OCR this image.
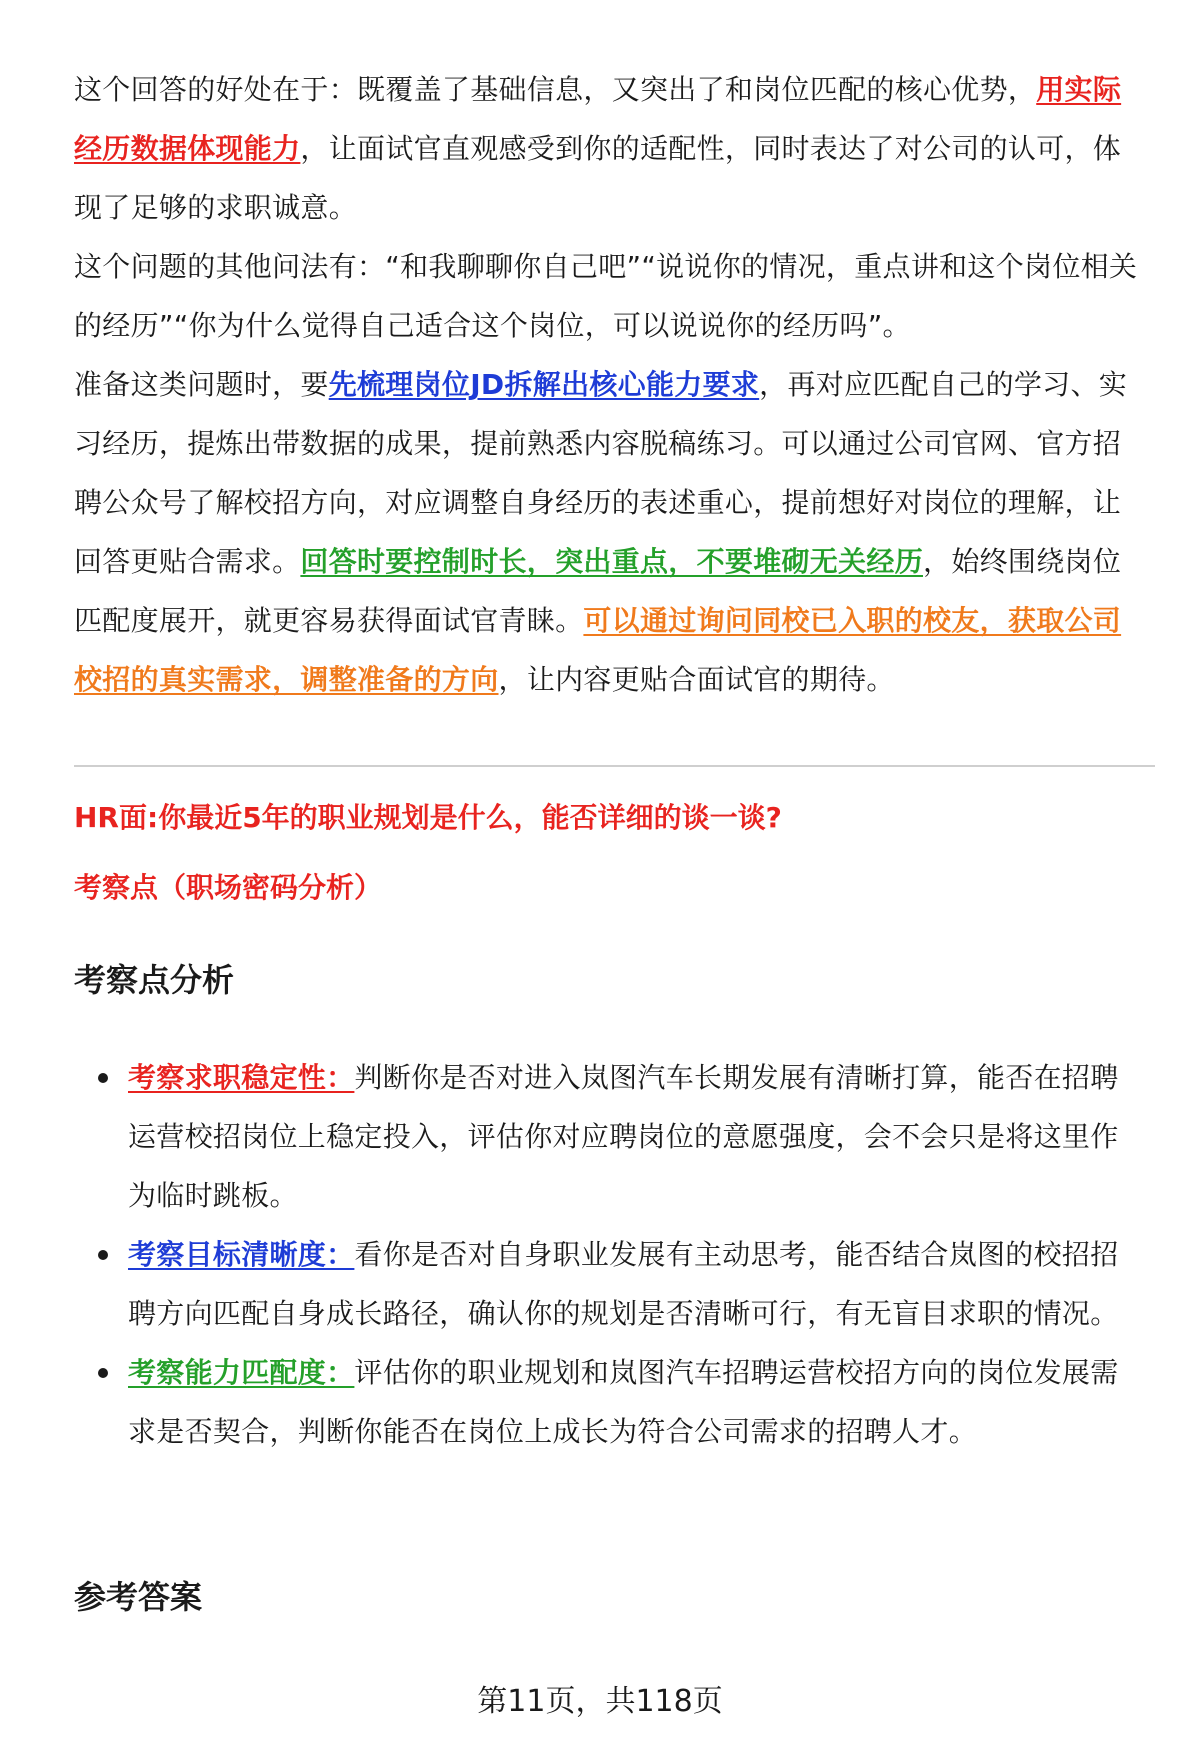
这个回答的好处在于：既覆盖了基础信息，又突出了和岗位匹配的核心优势，用实际经历数据体现能力，让面试官直观感受到你的适配性，同时表达了对公司的认可，体现了足够的求职诚意。

这个问题的其他问法有：“和我聊聊你自己吧”“说说你的情况，重点讲和这个岗位相关的经历”“你为什么觉得自己适合这个岗位，可以说说你的经历吗”。

准备这类问题时，要先梳理岗位JD拆解出核心能力要求，再对应匹配自己的学习、实习经历，提炼出带数据的成果，提前熟悉内容脱稿练习。可以通过公司官网、官方招聘公众号了解校招方向，对应调整自身经历的表述重心，提前想好对岗位的理解，让回答更贴合需求。回答时要控制时长，突出重点，不要堆砌无关经历，始终围绕岗位匹配度展开，就更容易获得面试官青睐。可以通过询问同校已入职的校友，获取公司校招的真实需求，调整准备的方向，让内容更贴合面试官的期待。

HR面:你最近5年的职业规划是什么，能否详细的谈一谈?

考察点（职场密码分析）

考察点分析
考察求职稳定性：判断你是否对进入岚图汽车长期发展有清晰打算，能否在招聘运营校招岗位上稳定投入，评估你对应聘岗位的意愿强度，会不会只是将这里作为临时跳板。
考察目标清晰度：看你是否对自身职业发展有主动思考，能否结合岚图的校招招聘方向匹配自身成长路径，确认你的规划是否清晰可行，有无盲目求职的情况。
考察能力匹配度：评估你的职业规划和岚图汽车招聘运营校招方向的岗位发展需求是否契合，判断你能否在岗位上成长为符合公司需求的招聘人才。
参考答案
第11页，共118页
